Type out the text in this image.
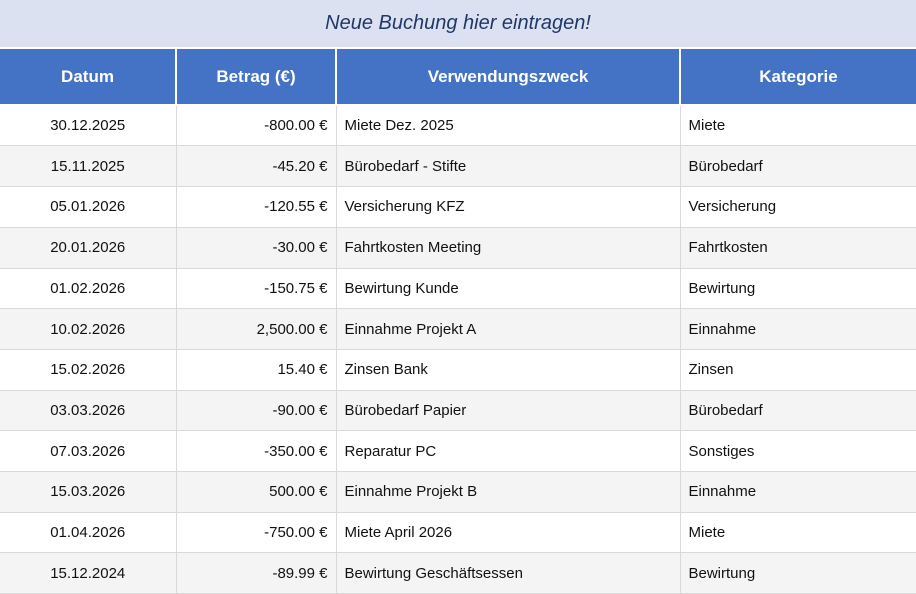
Neue Buchung hier eintragen!
Datum	Betrag (€)	Verwendungszweck	Kategorie
30.12.2025	-800.00 €	Miete Dez. 2025	Miete
15.11.2025	-45.20 €	Bürobedarf - Stifte	Bürobedarf
05.01.2026	-120.55 €	Versicherung KFZ	Versicherung
20.01.2026	-30.00 €	Fahrtkosten Meeting	Fahrtkosten
01.02.2026	-150.75 €	Bewirtung Kunde	Bewirtung
10.02.2026	2,500.00 €	Einnahme Projekt A	Einnahme
15.02.2026	15.40 €	Zinsen Bank	Zinsen
03.03.2026	-90.00 €	Bürobedarf Papier	Bürobedarf
07.03.2026	-350.00 €	Reparatur PC	Sonstiges
15.03.2026	500.00 €	Einnahme Projekt B	Einnahme
01.04.2026	-750.00 €	Miete April 2026	Miete
15.12.2024	-89.99 €	Bewirtung Geschäftsessen	Bewirtung
